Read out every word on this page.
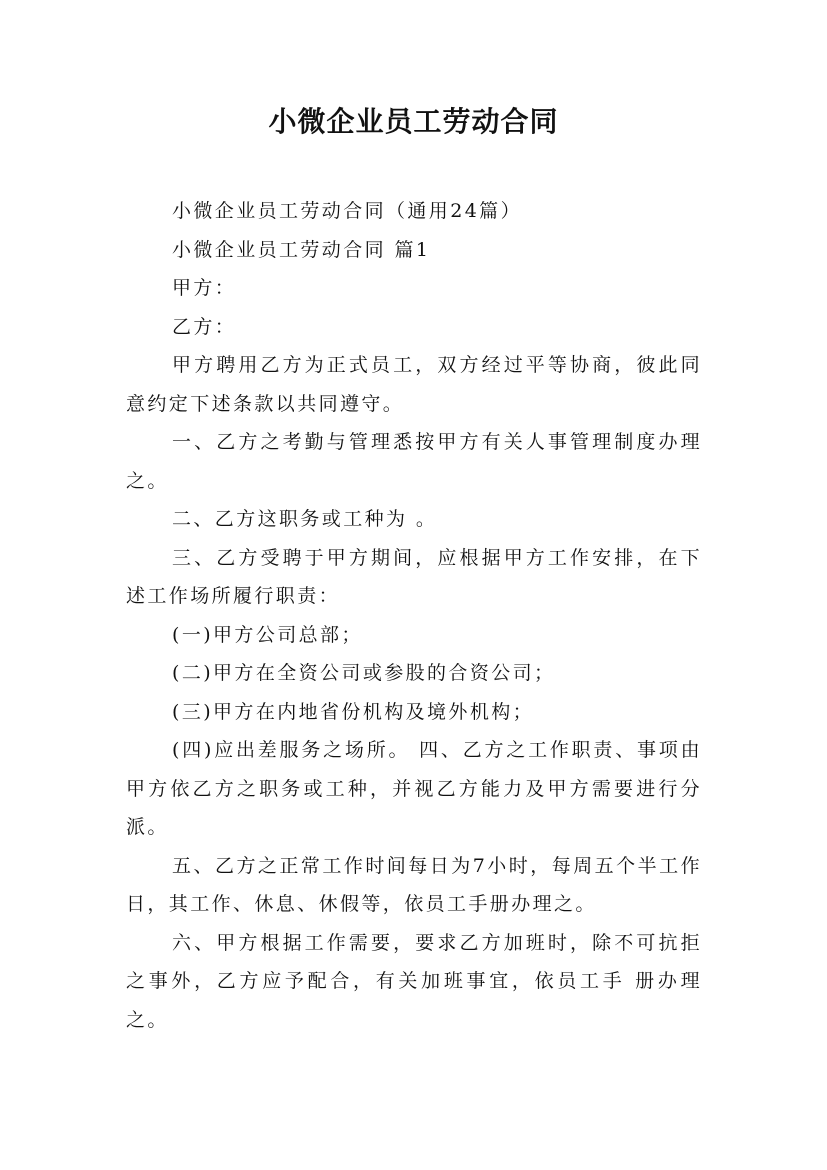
小微企业员工劳动合同

小微企业员工劳动合同（通用24篇）

小微企业员工劳动合同 篇1

甲方：

乙方：

甲方聘用乙方为正式员工，双方经过平等协商，彼此同意约定下述条款以共同遵守。

一、乙方之考勤与管理悉按甲方有关人事管理制度办理之。

二、乙方这职务或工种为 。

三、乙方受聘于甲方期间，应根据甲方工作安排，在下述工作场所履行职责：

(一)甲方公司总部；

(二)甲方在全资公司或参股的合资公司；

(三)甲方在内地省份机构及境外机构；

(四)应出差服务之场所。 四、乙方之工作职责、事项由甲方依乙方之职务或工种，并视乙方能力及甲方需要进行分派。

五、乙方之正常工作时间每日为7小时，每周五个半工作日，其工作、休息、休假等，依员工手册办理之。

六、甲方根据工作需要，要求乙方加班时，除不可抗拒之事外，乙方应予配合，有关加班事宜，依员工手 册办理之。
